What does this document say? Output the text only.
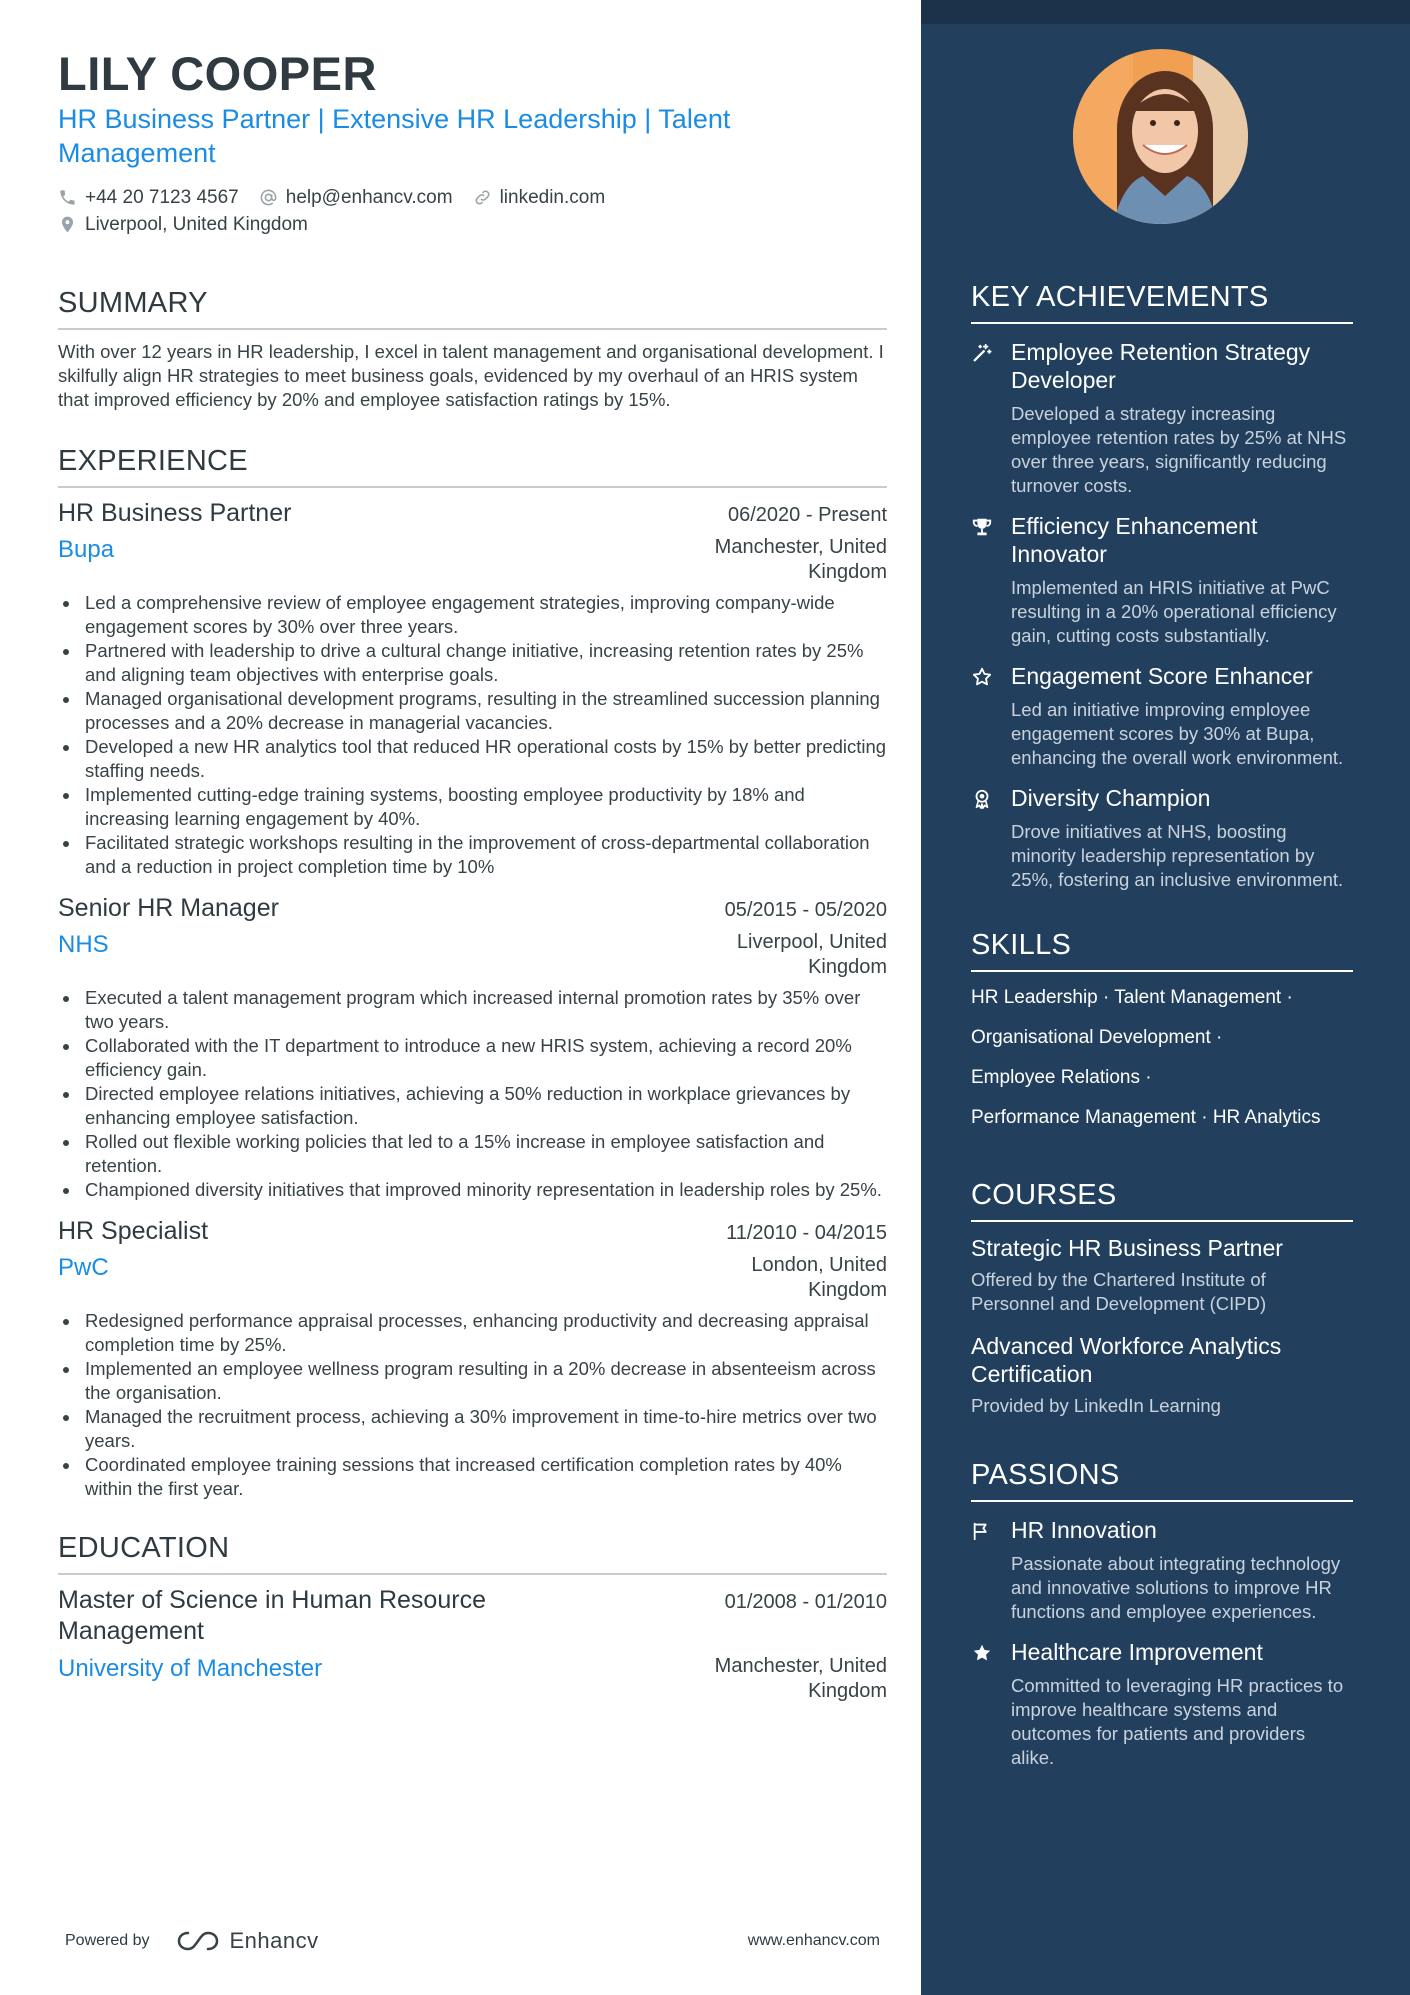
LILY COOPER
HR Business Partner | Extensive HR Leadership | Talent Management
+44 20 7123 4567 help@enhancv.com linkedin.com
Liverpool, United Kingdom
SUMMARY

With over 12 years in HR leadership, I excel in talent management and organisational development. I skilfully align HR strategies to meet business goals, evidenced by my overhaul of an HRIS system that improved efficiency by 20% and employee satisfaction ratings by 15%.

EXPERIENCE
HR Business Partner	06/2020 - Present
Bupa	Manchester, United Kingdom
Led a comprehensive review of employee engagement strategies, improving company-wide engagement scores by 30% over three years.
Partnered with leadership to drive a cultural change initiative, increasing retention rates by 25% and aligning team objectives with enterprise goals.
Managed organisational development programs, resulting in the streamlined succession planning processes and a 20% decrease in managerial vacancies.
Developed a new HR analytics tool that reduced HR operational costs by 15% by better predicting staffing needs.
Implemented cutting-edge training systems, boosting employee productivity by 18% and increasing learning engagement by 40%.
Facilitated strategic workshops resulting in the improvement of cross-departmental collaboration and a reduction in project completion time by 10%
Senior HR Manager	05/2015 - 05/2020
NHS	Liverpool, United Kingdom
Executed a talent management program which increased internal promotion rates by 35% over two years.
Collaborated with the IT department to introduce a new HRIS system, achieving a record 20% efficiency gain.
Directed employee relations initiatives, achieving a 50% reduction in workplace grievances by enhancing employee satisfaction.
Rolled out flexible working policies that led to a 15% increase in employee satisfaction and retention.
Championed diversity initiatives that improved minority representation in leadership roles by 25%.
HR Specialist	11/2010 - 04/2015
PwC	London, United Kingdom
Redesigned performance appraisal processes, enhancing productivity and decreasing appraisal completion time by 25%.
Implemented an employee wellness program resulting in a 20% decrease in absenteeism across the organisation.
Managed the recruitment process, achieving a 30% improvement in time-to-hire metrics over two years.
Coordinated employee training sessions that increased certification completion rates by 40% within the first year.
EDUCATION
Master of Science in Human Resource Management
01/2008 - 01/2010
University of Manchester	Manchester, United Kingdom
Powered by	Enhancv	www.enhancv.com
KEY ACHIEVEMENTS
Employee Retention Strategy Developer
Developed a strategy increasing employee retention rates by 25% at NHS over three years, significantly reducing turnover costs.
Efficiency Enhancement Innovator
Implemented an HRIS initiative at PwC resulting in a 20% operational efficiency gain, cutting costs substantially.
Engagement Score Enhancer
Led an initiative improving employee engagement scores by 30% at Bupa, enhancing the overall work environment.
Diversity Champion
Drove initiatives at NHS, boosting minority leadership representation by 25%, fostering an inclusive environment.
SKILLS
HR Leadership · Talent Management ·
Organisational Development ·
Employee Relations ·
Performance Management · HR Analytics
COURSES
Strategic HR Business Partner
Offered by the Chartered Institute of Personnel and Development (CIPD)
Advanced Workforce Analytics Certification
Provided by LinkedIn Learning
PASSIONS
HR Innovation
Passionate about integrating technology and innovative solutions to improve HR functions and employee experiences.
Healthcare Improvement
Committed to leveraging HR practices to improve healthcare systems and outcomes for patients and providers alike.
